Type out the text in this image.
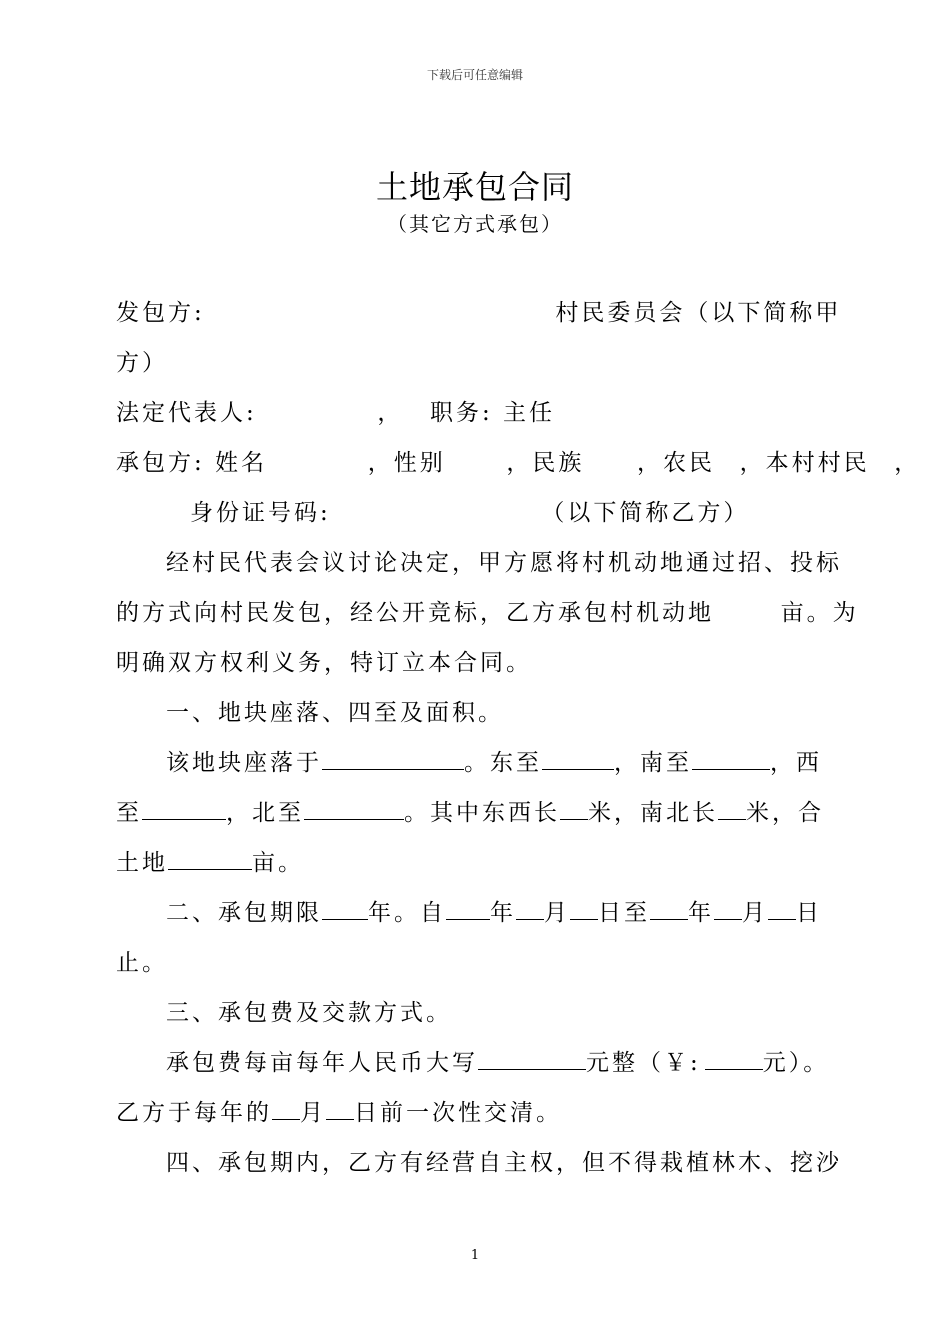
下载后可任意编辑
土地承包合同
（其它方式承包）
发包方:	村民委员会（以下简称甲
方）
法定代表人:	， 职务: 主任
承包方: 姓名	，性别	，民族 ，农民 ，本村村民 ，
身份证号码:	（以下简称乙方）
经村民代表会议讨论决定，甲方愿将村机动地通过招、投标
的方式向村民发包，经公开竞标，乙方承包村机动地	亩。为
明确双方权利义务，特订立本合同。
一、地块座落、四至及面积。
该地块座落于	。东至	，南至	，西
至	，北至	。其中东西长 米，南北长 米，合
土地	亩。
二、承包期限 年。自 年 月 日至 年 月 日
止。
三、承包费及交款方式。
承包费每亩每年人民币大写	元整（￥:	元）。
乙方于每年的 月 日前一次性交清。
四、承包期内，乙方有经营自主权，但不得栽植林木、挖沙
1
